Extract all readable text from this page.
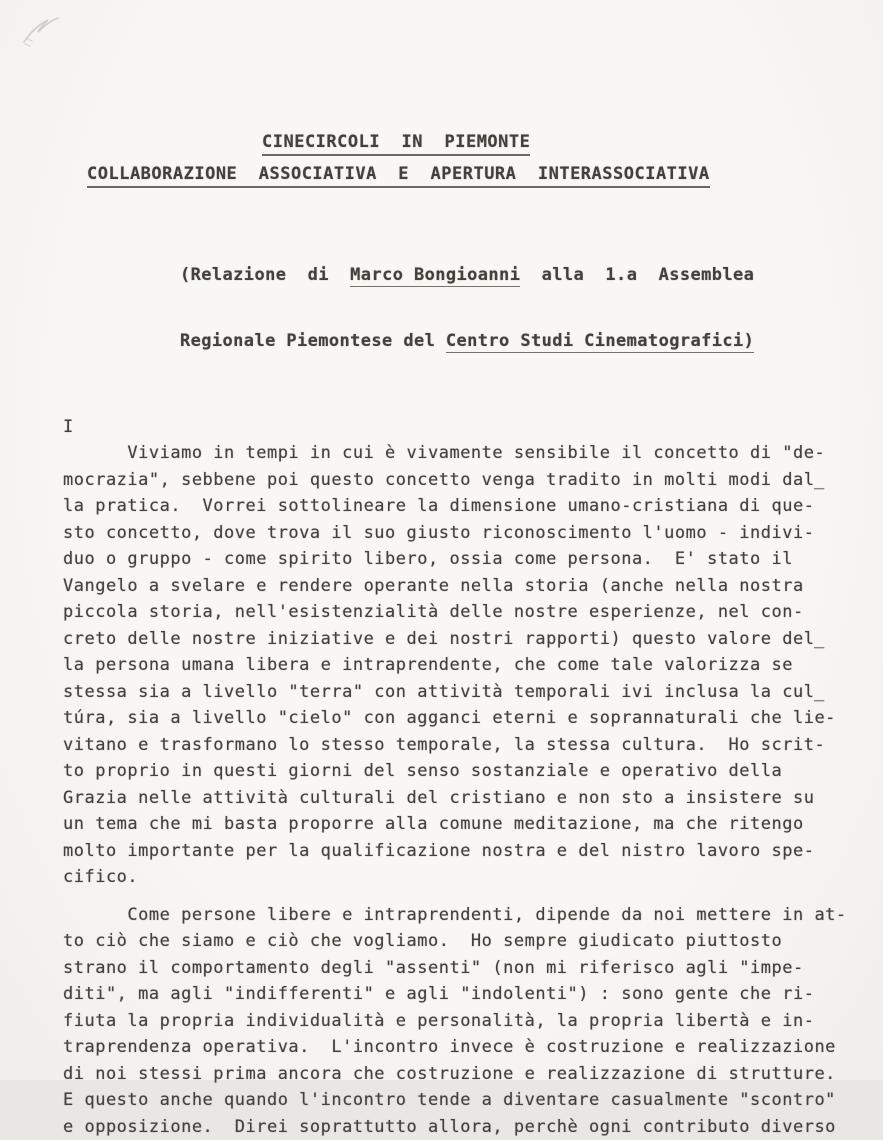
CINECIRCOLI  IN  PIEMONTE
COLLABORAZIONE  ASSOCIATIVA  E  APERTURA  INTERASSOCIATIVA

(Relazione  di  Marco Bongioanni  alla  1.a  Assemblea

Regionale Piemontese del Centro Studi Cinematografici)

I
Viviamo in tempi in cui è vivamente sensibile il concetto di "de-
mocrazia", sebbene poi questo concetto venga tradito in molti modi dal̲
la pratica.  Vorrei sottolineare la dimensione umano-cristiana di que-
sto concetto, dove trova il suo giusto riconoscimento l'uomo - indivi-
duo o gruppo - come spirito libero, ossia come persona.  E' stato il
Vangelo a svelare e rendere operante nella storia (anche nella nostra
piccola storia, nell'esistenzialità delle nostre esperienze, nel con-
creto delle nostre iniziative e dei nostri rapporti) questo valore del̲
la persona umana libera e intraprendente, che come tale valorizza se
stessa sia a livello "terra" con attività temporali ivi inclusa la cul̲
túra, sia a livello "cielo" con agganci eterni e soprannaturali che lie-
vitano e trasformano lo stesso temporale, la stessa cultura.  Ho scrit-
to proprio in questi giorni del senso sostanziale e operativo della
Grazia nelle attività culturali del cristiano e non sto a insistere su
un tema che mi basta proporre alla comune meditazione, ma che ritengo
molto importante per la qualificazione nostra e del nistro lavoro spe-
cifico.
Come persone libere e intraprendenti, dipende da noi mettere in at-
to ciò che siamo e ciò che vogliamo.  Ho sempre giudicato piuttosto
strano il comportamento degli "assenti" (non mi riferisco agli "impe-
diti", ma agli "indifferenti" e agli "indolenti") : sono gente che ri-
fiuta la propria individualità e personalità, la propria libertà e in-
traprendenza operativa.  L'incontro invece è costruzione e realizzazione
di noi stessi prima ancora che costruzione e realizzazione di strutture.
E questo anche quando l'incontro tende a diventare casualmente "scontro"
e opposizione.  Direi soprattutto allora, perchè ogni contributo diverso
